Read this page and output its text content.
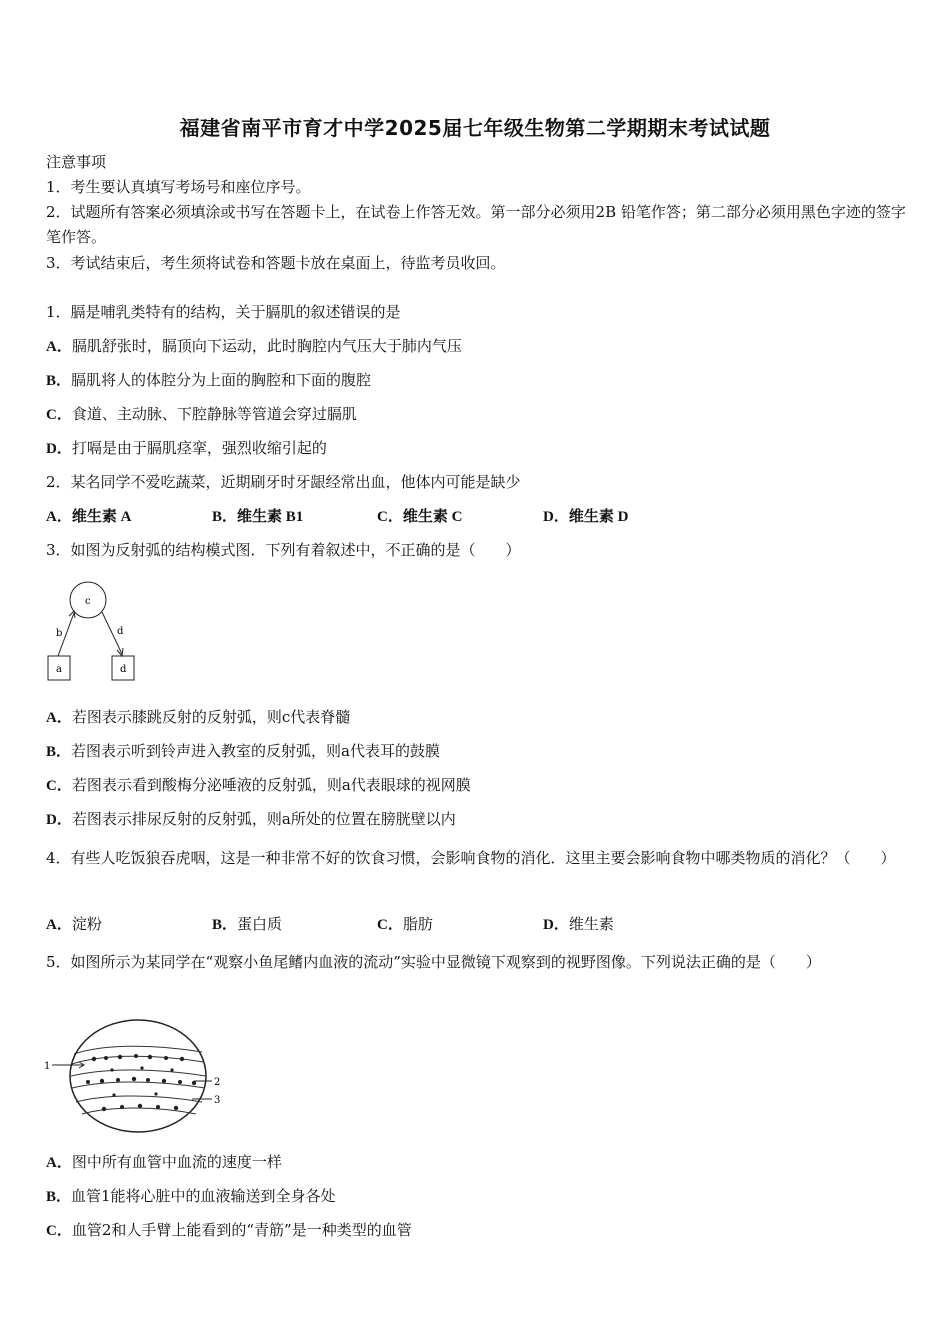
福建省南平市育才中学2025届七年级生物第二学期期末考试试题
注意事项
1．考生要认真填写考场号和座位序号。
2．试题所有答案必须填涂或书写在答题卡上，在试卷上作答无效。第一部分必须用2B 铅笔作答；第二部分必须用黑色字迹的签字笔作答。
3．考试结束后，考生须将试卷和答题卡放在桌面上，待监考员收回。
1．膈是哺乳类特有的结构，关于膈肌的叙述错误的是
A．膈肌舒张时，膈顶向下运动，此时胸腔内气压大于肺内气压
B．膈肌将人的体腔分为上面的胸腔和下面的腹腔
C．食道、主动脉、下腔静脉等管道会穿过膈肌
D．打嗝是由于膈肌痉挛，强烈收缩引起的
2．某名同学不爱吃蔬菜，近期刷牙时牙龈经常出血，他体内可能是缺少
A．维生素 A	B．维生素 B1	C．维生素 C	D．维生素 D
3．如图为反射弧的结构模式图．下列有着叙述中，不正确的是（　　）
c
b	d
a	d
A．若图表示膝跳反射的反射弧，则c代表脊髓
B．若图表示听到铃声进入教室的反射弧，则a代表耳的鼓膜
C．若图表示看到酸梅分泌唾液的反射弧，则a代表眼球的视网膜
D．若图表示排尿反射的反射弧，则a所处的位置在膀胱壁以内
4．有些人吃饭狼吞虎咽，这是一种非常不好的饮食习惯，会影响食物的消化．这里主要会影响食物中哪类物质的消化？（　　）
A．淀粉	B．蛋白质	C．脂肪	D．维生素
5．如图所示为某同学在“观察小鱼尾鳍内血液的流动”实验中显微镜下观察到的视野图像。下列说法正确的是（　　）
1
2
3
A．图中所有血管中血流的速度一样
B．血管1能将心脏中的血液输送到全身各处
C．血管2和人手臂上能看到的“青筋”是一种类型的血管
